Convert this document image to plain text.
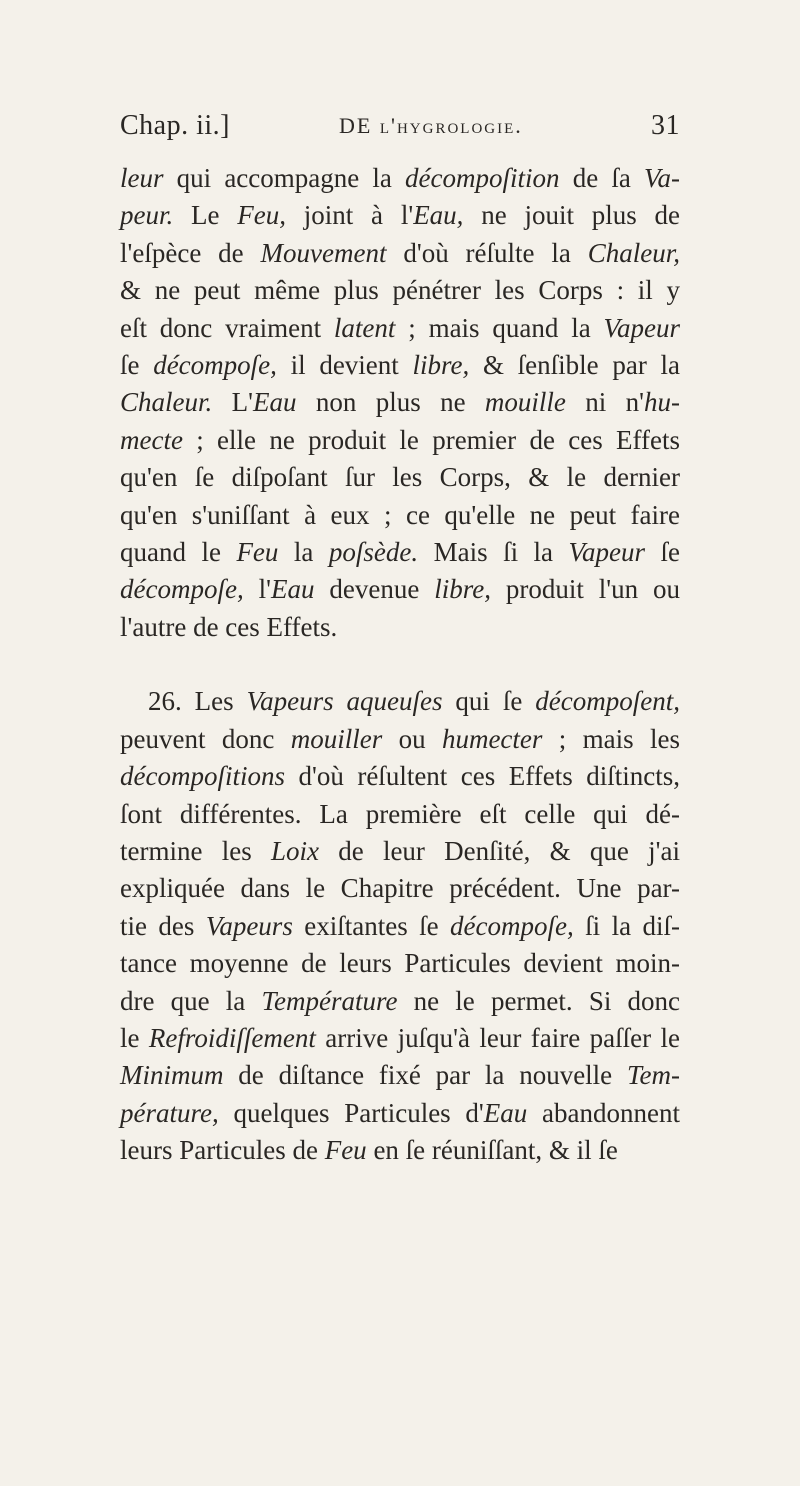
Chap. ii.]	DE l'hygrologie.	31
leur qui accompagne la décompoſition de ſa Va-
peur. Le Feu, joint à l'Eau, ne jouit plus de
l'eſpèce de Mouvement d'où réſulte la Chaleur,
& ne peut même plus pénétrer les Corps : il y
eſt donc vraiment latent ; mais quand la Vapeur
ſe décompoſe, il devient libre, & ſenſible par la
Chaleur. L'Eau non plus ne mouille ni n'hu-
mecte ; elle ne produit le premier de ces Effets
qu'en ſe diſpoſant ſur les Corps, & le dernier
qu'en s'uniſſant à eux ; ce qu'elle ne peut faire
quand le Feu la poſsède. Mais ſi la Vapeur ſe
décompoſe, l'Eau devenue libre, produit l'un ou
l'autre de ces Effets.
26. Les Vapeurs aqueuſes qui ſe décompoſent,
peuvent donc mouiller ou humecter ; mais les
décompoſitions d'où réſultent ces Effets diſtincts,
ſont différentes. La première eſt celle qui dé-
termine les Loix de leur Denſité, & que j'ai
expliquée dans le Chapitre précédent. Une par-
tie des Vapeurs exiſtantes ſe décompoſe, ſi la diſ-
tance moyenne de leurs Particules devient moin-
dre que la Température ne le permet. Si donc
le Refroidiſſement arrive juſqu'à leur faire paſſer le
Minimum de diſtance fixé par la nouvelle Tem-
pérature, quelques Particules d'Eau abandonnent
leurs Particules de Feu en ſe réuniſſant, & il ſe
